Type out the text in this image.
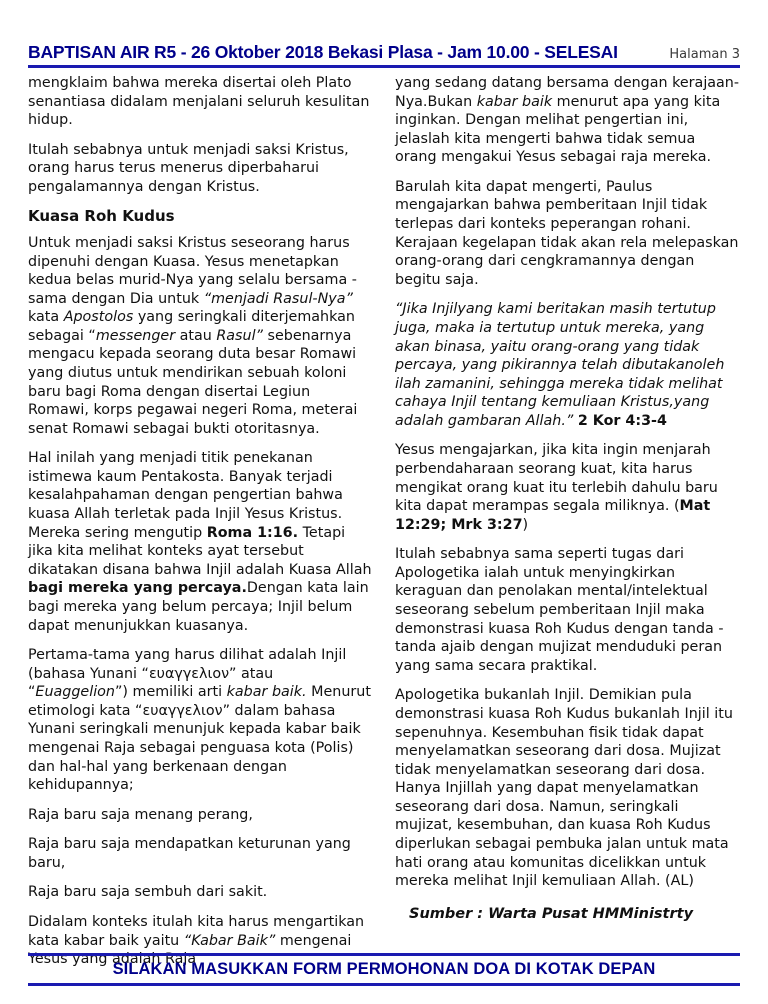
BAPTISAN AIR R5 - 26 Oktober 2018 Bekasi Plasa - Jam 10.00 - SELESAI	Halaman 3

mengklaim bahwa mereka disertai oleh Plato senantiasa didalam menjalani seluruh kesulitan hidup.

Itulah sebabnya untuk menjadi saksi Kristus, orang harus terus menerus diperbaharui pengalamannya dengan Kristus.

Kuasa Roh Kudus

Untuk menjadi saksi Kristus seseorang harus dipenuhi dengan Kuasa. Yesus menetapkan kedua belas murid-Nya yang selalu bersama -sama dengan Dia untuk “menjadi Rasul-Nya” kata Apostolos yang seringkali diterjemahkan sebagai “messenger atau Rasul” sebenarnya mengacu kepada seorang duta besar Romawi yang diutus untuk mendirikan sebuah koloni baru bagi Roma dengan disertai Legiun Romawi, korps pegawai negeri Roma, meterai senat Romawi sebagai bukti otoritasnya.

Hal inilah yang menjadi titik penekanan istimewa kaum Pentakosta. Banyak terjadi kesalahpahaman dengan pengertian bahwa kuasa Allah terletak pada Injil Yesus Kristus. Mereka sering mengutip Roma 1:16. Tetapi jika kita melihat konteks ayat tersebut dikatakan disana bahwa Injil adalah Kuasa Allah bagi mereka yang percaya.Dengan kata lain bagi mereka yang belum percaya; Injil belum dapat menunjukkan kuasanya.

Pertama-tama yang harus dilihat adalah Injil (bahasa Yunani “ευαγγελιον” atau “Euaggelion”) memiliki arti kabar baik. Menurut etimologi kata “ευαγγελιον” dalam bahasa Yunani seringkali menunjuk kepada kabar baik mengenai Raja sebagai penguasa kota (Polis) dan hal-hal yang berkenaan dengan kehidupannya;

Raja baru saja menang perang,

Raja baru saja mendapatkan keturunan yang baru,

Raja baru saja sembuh dari sakit.

Didalam konteks itulah kita harus mengartikan kata kabar baik yaitu “Kabar Baik” mengenai Yesus yang adalah Raja

yang sedang datang bersama dengan kerajaan-Nya.Bukan kabar baik menurut apa yang kita inginkan. Dengan melihat pengertian ini, jelaslah kita mengerti bahwa tidak semua orang mengakui Yesus sebagai raja mereka.

Barulah kita dapat mengerti, Paulus mengajarkan bahwa pemberitaan Injil tidak terlepas dari konteks peperangan rohani. Kerajaan kegelapan tidak akan rela melepaskan orang-orang dari cengkramannya dengan begitu saja.

“Jika Injilyang kami beritakan masih tertutup juga, maka ia tertutup untuk mereka, yang akan binasa, yaitu orang-orang yang tidak percaya, yang pikirannya telah dibutakanoleh ilah zamanini, sehingga mereka tidak melihat cahaya Injil tentang kemuliaan Kristus,yang adalah gambaran Allah.” 2 Kor 4:3-4

Yesus mengajarkan, jika kita ingin menjarah perbendaharaan seorang kuat, kita harus mengikat orang kuat itu terlebih dahulu baru kita dapat merampas segala miliknya. (Mat 12:29; Mrk 3:27)

Itulah sebabnya sama seperti tugas dari Apologetika ialah untuk menyingkirkan keraguan dan penolakan mental/intelektual seseorang sebelum pemberitaan Injil maka demonstrasi kuasa Roh Kudus dengan tanda -tanda ajaib dengan mujizat menduduki peran yang sama secara praktikal.

Apologetika bukanlah Injil. Demikian pula demonstrasi kuasa Roh Kudus bukanlah Injil itu sepenuhnya. Kesembuhan fisik tidak dapat menyelamatkan seseorang dari dosa. Mujizat tidak menyelamatkan seseorang dari dosa. Hanya Injillah yang dapat menyelamatkan seseorang dari dosa. Namun, seringkali mujizat, kesembuhan, dan kuasa Roh Kudus diperlukan sebagai pembuka jalan untuk mata hati orang atau komunitas dicelikkan untuk mereka melihat Injil kemuliaan Allah. (AL)

Sumber : Warta Pusat HMMinistrty

SILAKAN MASUKKAN FORM PERMOHONAN DOA DI KOTAK DEPAN
